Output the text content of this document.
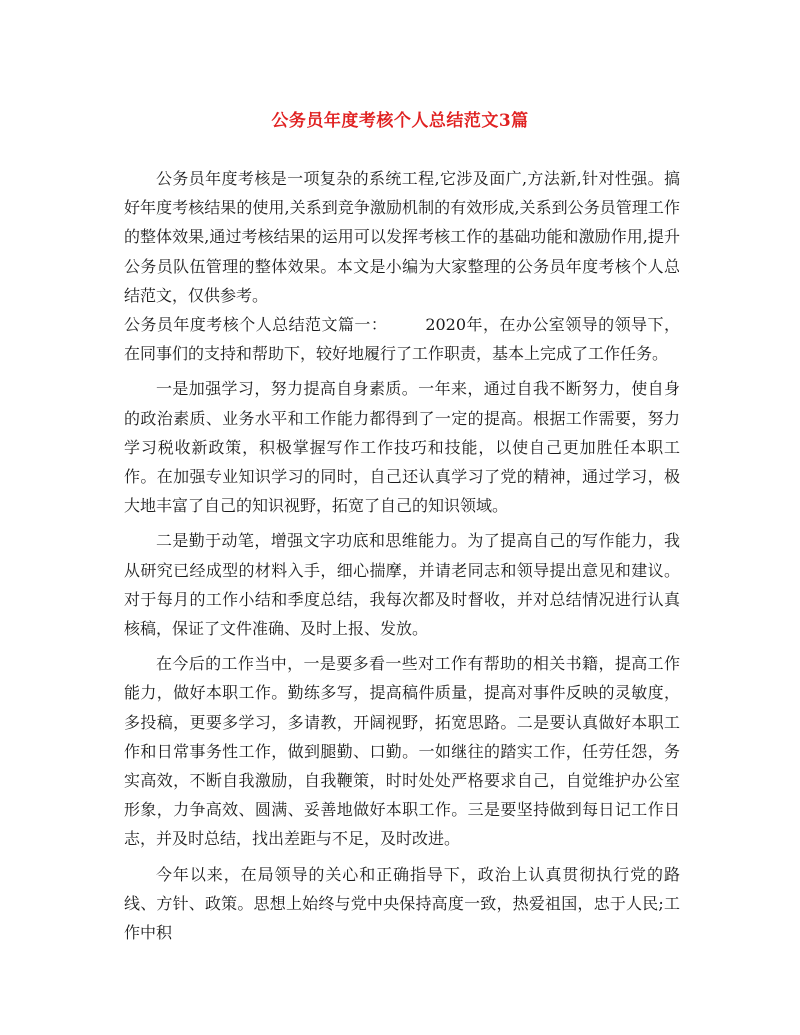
公务员年度考核个人总结范文3篇

公务员年度考核是一项复杂的系统工程,它涉及面广,方法新,针对性强。搞好年度考核结果的使用,关系到竞争激励机制的有效形成,关系到公务员管理工作的整体效果,通过考核结果的运用可以发挥考核工作的基础功能和激励作用,提升公务员队伍管理的整体效果。本文是小编为大家整理的公务员年度考核个人总结范文，仅供参考。

公务员年度考核个人总结范文篇一： 2020年，在办公室领导的领导下，在同事们的支持和帮助下，较好地履行了工作职责，基本上完成了工作任务。

一是加强学习，努力提高自身素质。一年来，通过自我不断努力，使自身的政治素质、业务水平和工作能力都得到了一定的提高。根据工作需要，努力学习税收新政策，积极掌握写作工作技巧和技能，以使自己更加胜任本职工作。在加强专业知识学习的同时，自己还认真学习了党的精神，通过学习，极大地丰富了自己的知识视野，拓宽了自己的知识领域。

二是勤于动笔，增强文字功底和思维能力。为了提高自己的写作能力，我从研究已经成型的材料入手，细心揣摩，并请老同志和领导提出意见和建议。对于每月的工作小结和季度总结，我每次都及时督收，并对总结情况进行认真核稿，保证了文件准确、及时上报、发放。

在今后的工作当中，一是要多看一些对工作有帮助的相关书籍，提高工作能力，做好本职工作。勤练多写，提高稿件质量，提高对事件反映的灵敏度，多投稿，更要多学习，多请教，开阔视野，拓宽思路。二是要认真做好本职工作和日常事务性工作，做到腿勤、口勤。一如继往的踏实工作，任劳任怨，务实高效，不断自我激励，自我鞭策，时时处处严格要求自己，自觉维护办公室形象，力争高效、圆满、妥善地做好本职工作。三是要坚持做到每日记工作日志，并及时总结，找出差距与不足，及时改进。

今年以来，在局领导的关心和正确指导下，政治上认真贯彻执行党的路线、方针、政策。思想上始终与党中央保持高度一致，热爱祖国，忠于人民;工作中积
